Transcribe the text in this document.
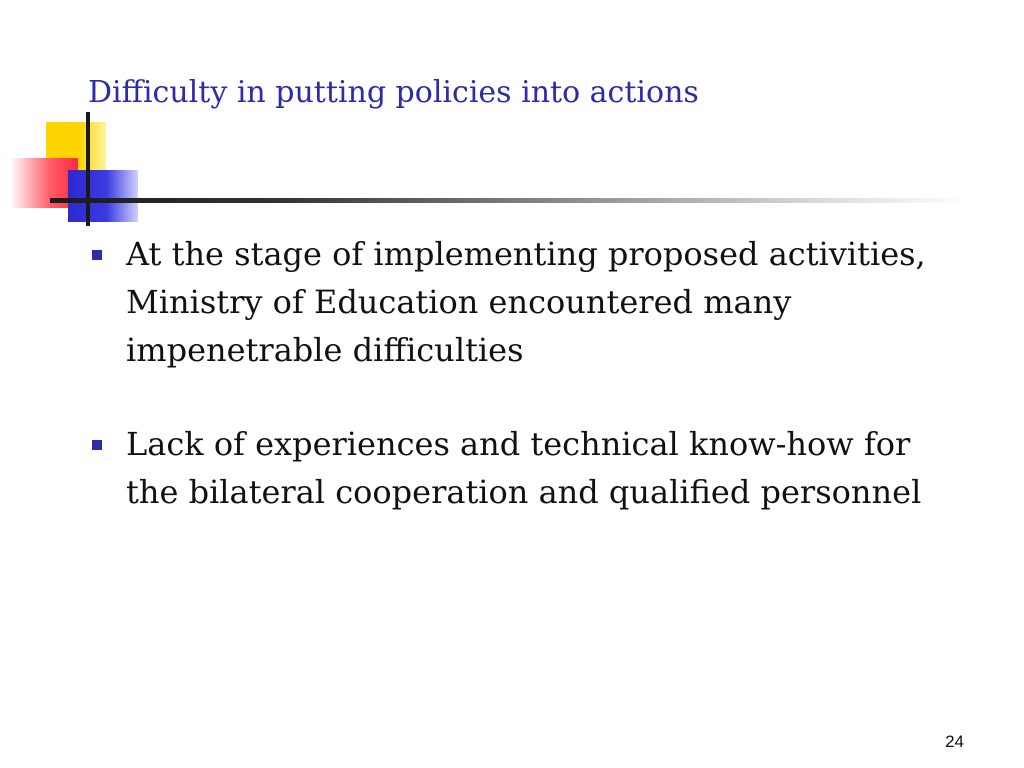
Difficulty in putting policies into actions
At the stage of implementing proposed activities, Ministry of Education encountered many impenetrable difficulties
Lack of experiences and technical know-how for the bilateral cooperation and qualified personnel
24
